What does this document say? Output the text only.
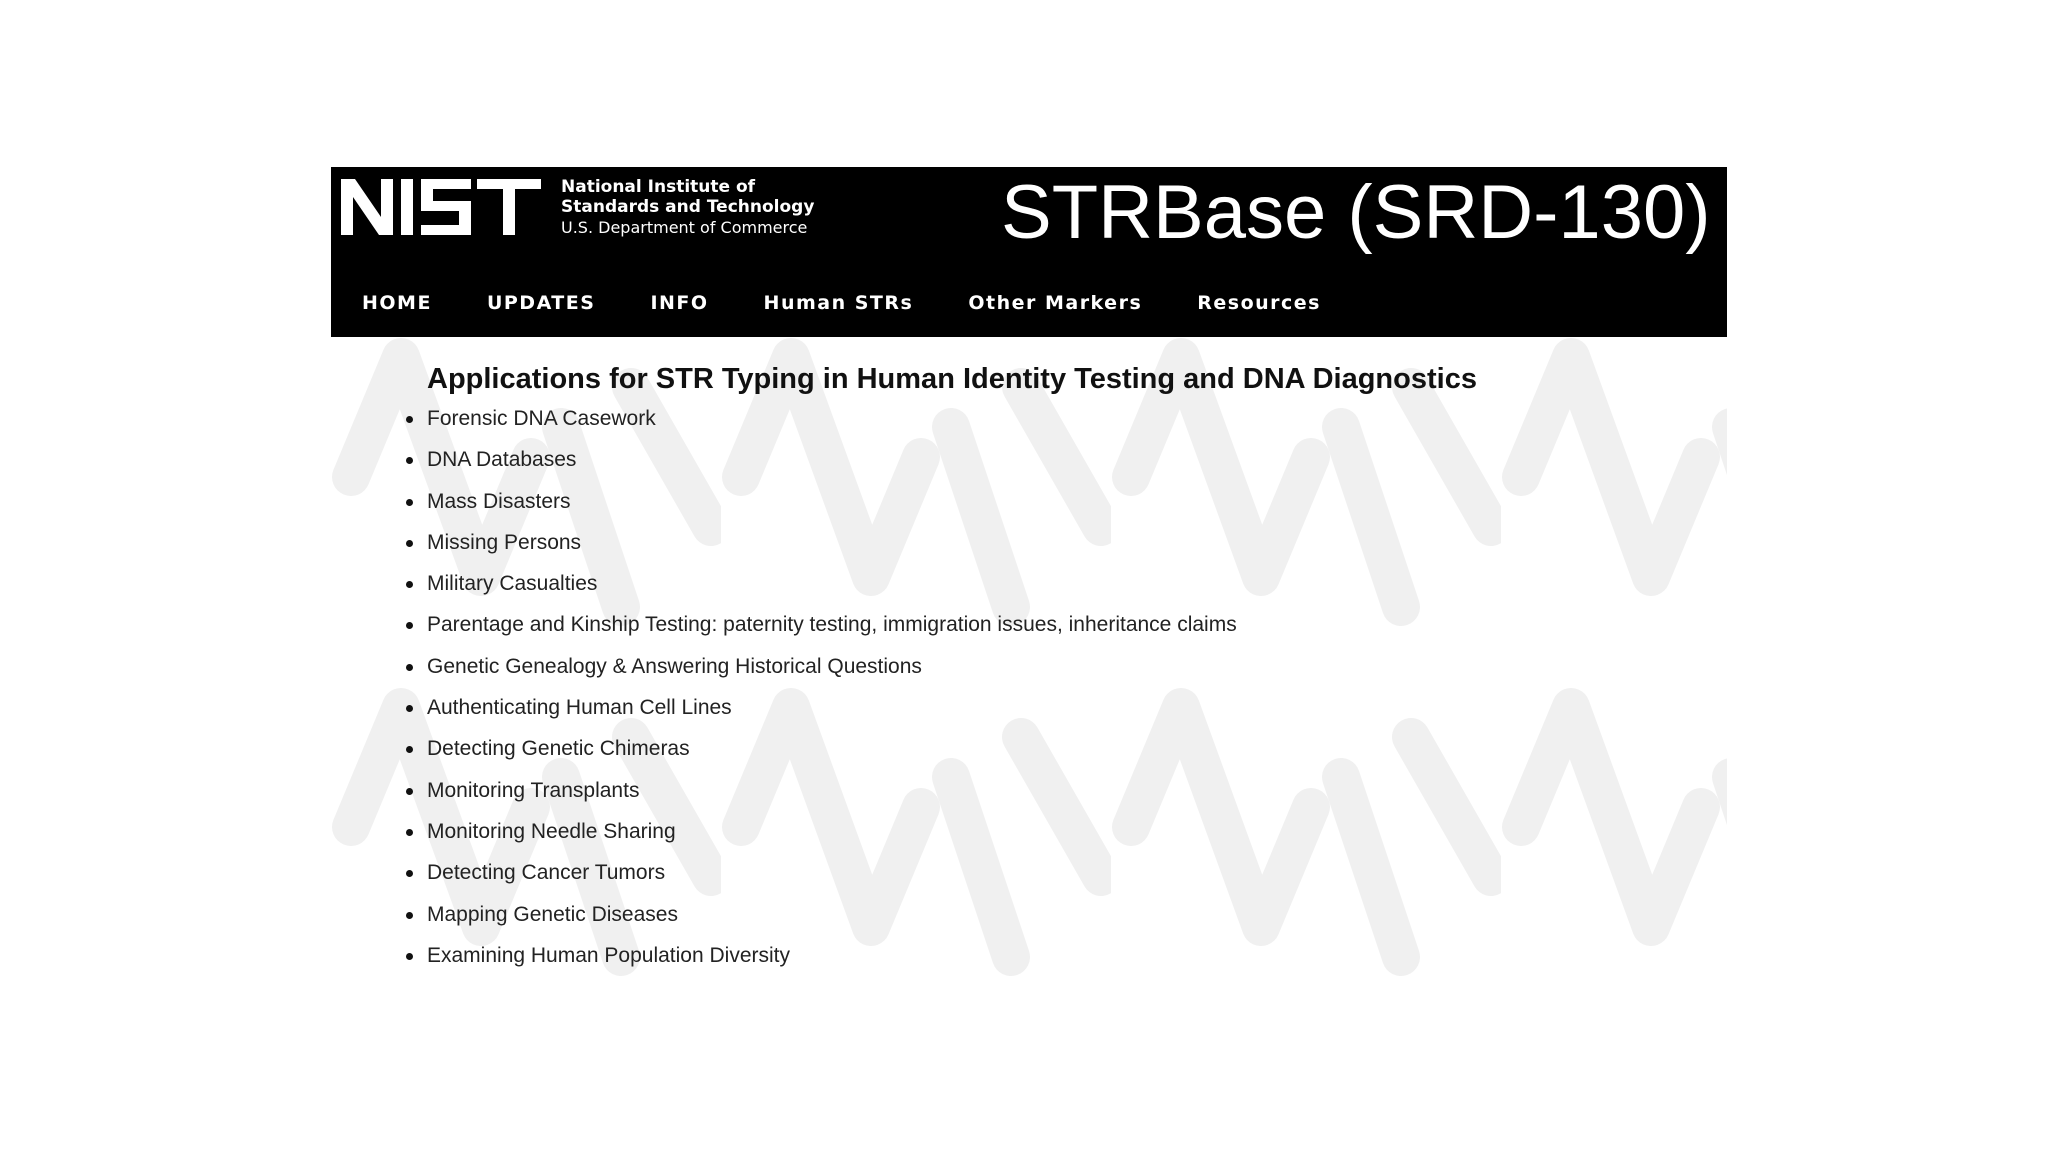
National Institute of
Standards and Technology
U.S. Department of Commerce	STRBase (SRD-130)
HOME	UPDATES	INFO	Human STRs	Other Markers	Resources
Applications for STR Typing in Human Identity Testing and DNA Diagnostics
Forensic DNA Casework
DNA Databases
Mass Disasters
Missing Persons
Military Casualties
Parentage and Kinship Testing: paternity testing, immigration issues, inheritance claims
Genetic Genealogy & Answering Historical Questions
Authenticating Human Cell Lines
Detecting Genetic Chimeras
Monitoring Transplants
Monitoring Needle Sharing
Detecting Cancer Tumors
Mapping Genetic Diseases
Examining Human Population Diversity
